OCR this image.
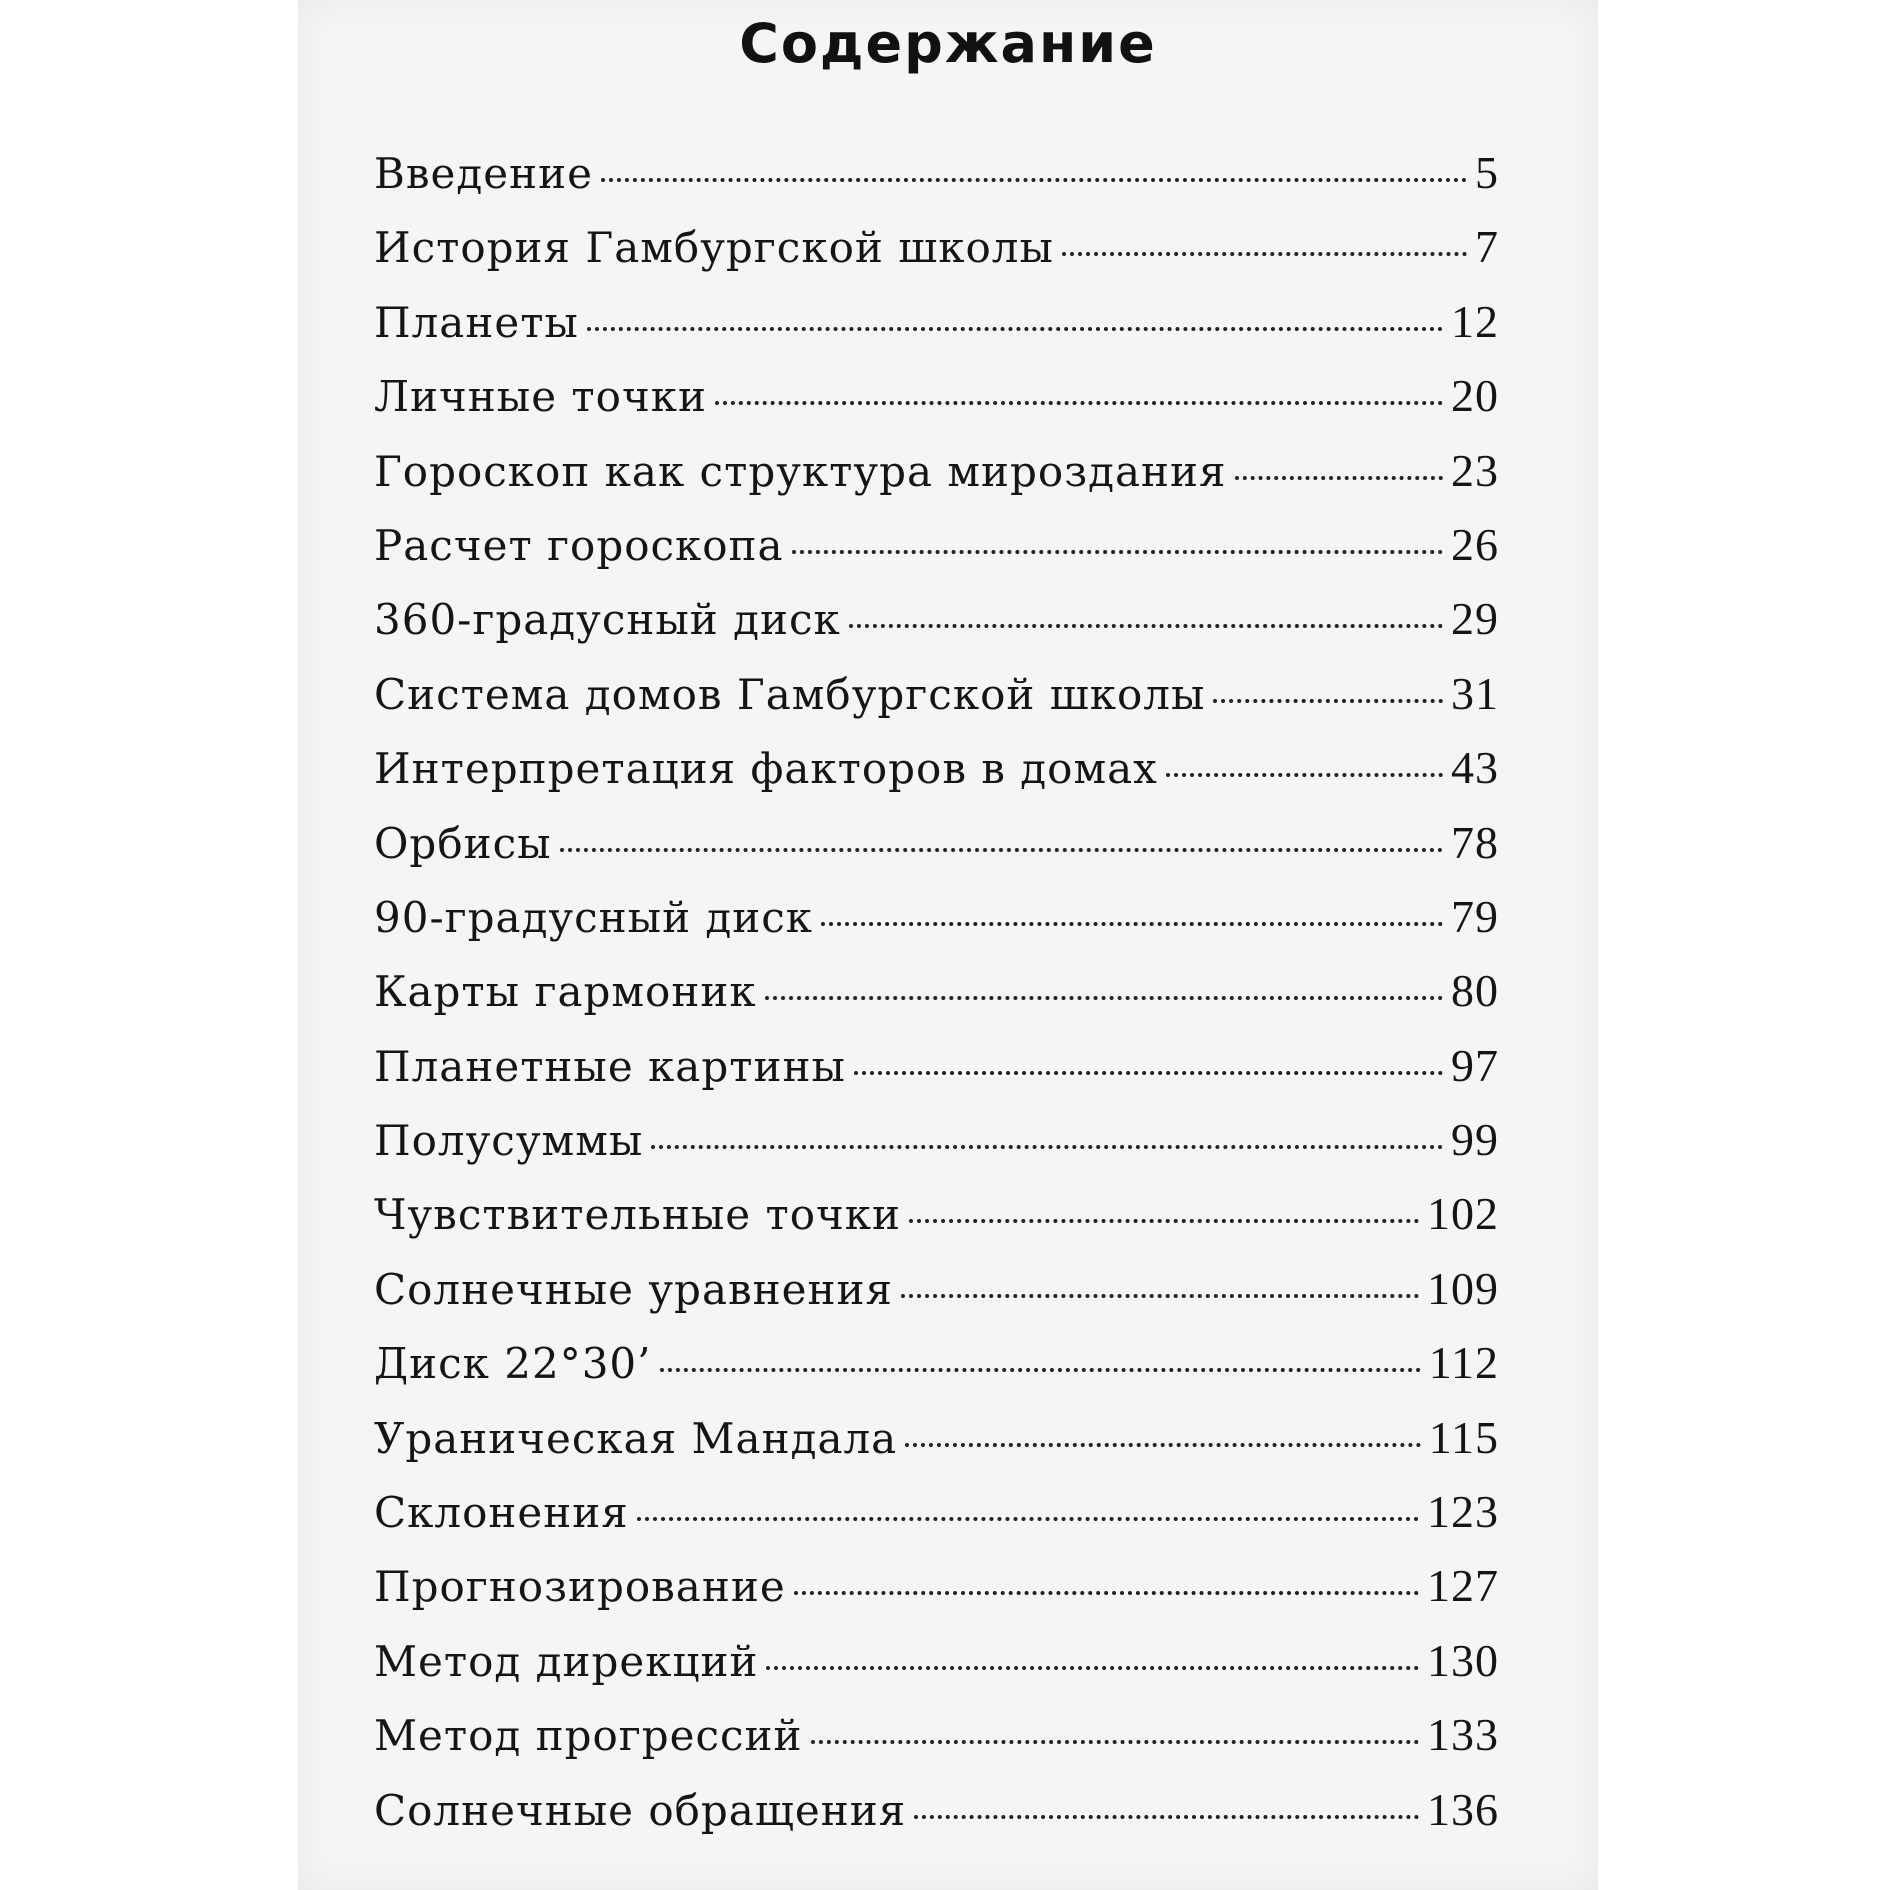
Содержание
Введение	5
История Гамбургской школы	7
Планеты	12
Личные точки	20
Гороскоп как структура мироздания	23
Расчет гороскопа	26
360-градусный диск	29
Система домов Гамбургской школы	31
Интерпретация факторов в домах	43
Орбисы	78
90-градусный диск	79
Карты гармоник	80
Планетные картины	97
Полусуммы	99
Чувствительные точки	102
Солнечные уравнения	109
Диск 22°30’	112
Ураническая Мандала	115
Склонения	123
Прогнозирование	127
Метод дирекций	130
Метод прогрессий	133
Солнечные обращения	136
